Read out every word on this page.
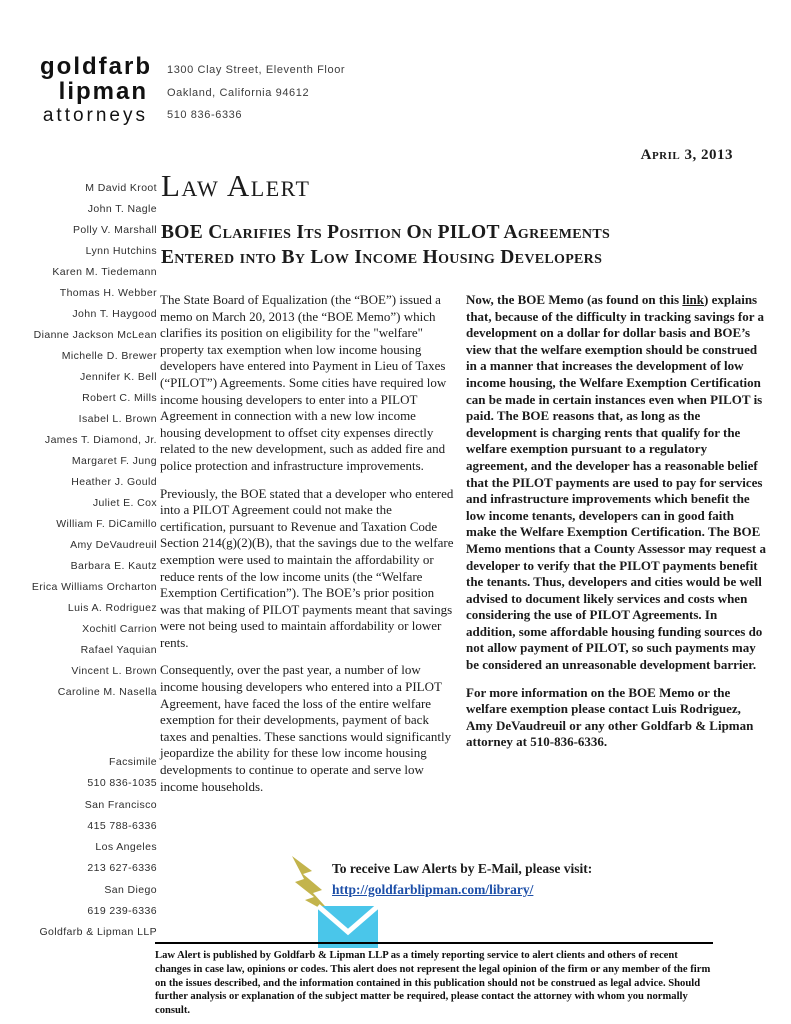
goldfarb
lipman
attorneys
1300 Clay Street, Eleventh Floor
Oakland, California 94612
510 836-6336
April 3, 2013
Law Alert
BOE Clarifies Its Position On PILOT Agreements
Entered into By Low Income Housing Developers
M David Kroot
John T. Nagle
Polly V. Marshall
Lynn Hutchins
Karen M. Tiedemann
Thomas H. Webber
John T. Haygood
Dianne Jackson McLean
Michelle D. Brewer
Jennifer K. Bell
Robert C. Mills
Isabel L. Brown
James T. Diamond, Jr.
Margaret F. Jung
Heather J. Gould
Juliet E. Cox
William F. DiCamillo
Amy DeVaudreuil
Barbara E. Kautz
Erica Williams Orcharton
Luis A. Rodriguez
Xochitl Carrion
Rafael Yaquian
Vincent L. Brown
Caroline M. Nasella
Facsimile
510 836-1035
San Francisco
415 788-6336
Los Angeles
213 627-6336
San Diego
619 239-6336
Goldfarb & Lipman LLP

The State Board of Equalization (the “BOE”) issued a memo on March 20, 2013 (the “BOE Memo”) which clarifies its position on eligibility for the "welfare" property tax exemption when low income housing developers have entered into Payment in Lieu of Taxes (“PILOT”) Agreements. Some cities have required low income housing developers to enter into a PILOT Agreement in connection with a new low income housing development to offset city expenses directly related to the new development, such as added fire and police protection and infrastructure improvements.

Previously, the BOE stated that a developer who entered into a PILOT Agreement could not make the certification, pursuant to Revenue and Taxation Code Section 214(g)(2)(B), that the savings due to the welfare exemption were used to maintain the affordability or reduce rents of the low income units (the “Welfare Exemption Certification”). The BOE’s prior position was that making of PILOT payments meant that savings were not being used to maintain affordability or lower rents.

Consequently, over the past year, a number of low income housing developers who entered into a PILOT Agreement, have faced the loss of the entire welfare exemption for their developments, payment of back taxes and penalties. These sanctions would significantly jeopardize the ability for these low income housing developments to continue to operate and serve low income households.

Now, the BOE Memo (as found on this link) explains that, because of the difficulty in tracking savings for a development on a dollar for dollar basis and BOE’s view that the welfare exemption should be construed in a manner that increases the development of low income housing, the Welfare Exemption Certification can be made in certain instances even when PILOT is paid. The BOE reasons that, as long as the development is charging rents that qualify for the welfare exemption pursuant to a regulatory agreement, and the developer has a reasonable belief that the PILOT payments are used to pay for services and infrastructure improvements which benefit the low income tenants, developers can in good faith make the Welfare Exemption Certification. The BOE Memo mentions that a County Assessor may request a developer to verify that the PILOT payments benefit the tenants. Thus, developers and cities would be well advised to document likely services and costs when considering the use of PILOT Agreements. In addition, some affordable housing funding sources do not allow payment of PILOT, so such payments may be considered an unreasonable development barrier.

For more information on the BOE Memo or the welfare exemption please contact Luis Rodriguez, Amy DeVaudreuil or any other Goldfarb & Lipman attorney at 510-836-6336.

To receive Law Alerts by E-Mail, please visit:
http://goldfarblipman.com/library/
Law Alert is published by Goldfarb & Lipman LLP as a timely reporting service to alert clients and others of recent changes in case law, opinions or codes. This alert does not represent the legal opinion of the firm or any member of the firm on the issues described, and the information contained in this publication should not be construed as legal advice. Should further analysis or explanation of the subject matter be required, please contact the attorney with whom you normally consult.
